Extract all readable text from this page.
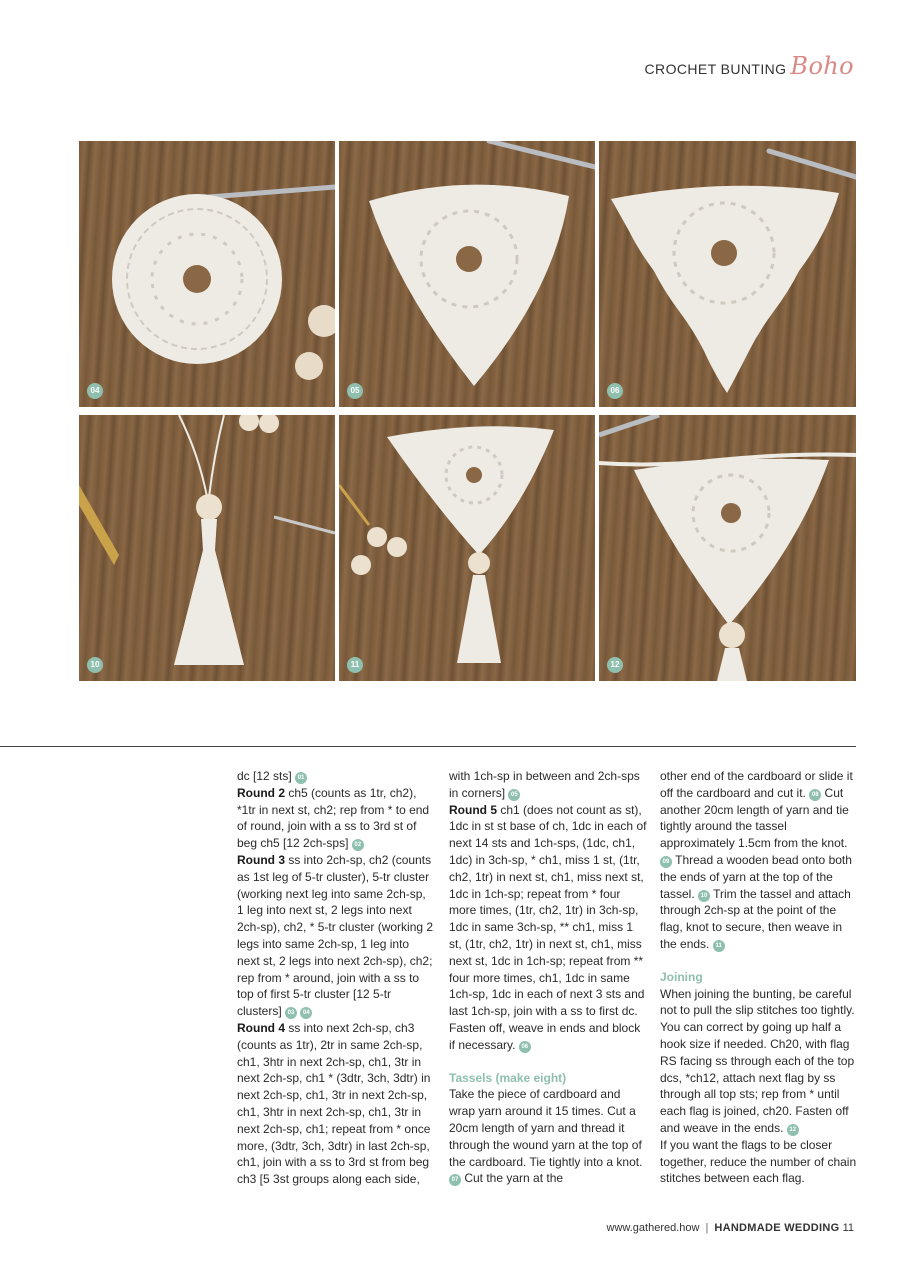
CROCHET BUNTING Boho
04	05	06
10	11	12

dc [12 sts] 01

Round 2 ch5 (counts as 1tr, ch2), *1tr in next st, ch2; rep from * to end of round, join with a ss to 3rd st of beg ch5 [12 2ch-sps] 02

Round 3 ss into 2ch-sp, ch2 (counts as 1st leg of 5-tr cluster), 5-tr cluster (working next leg into same 2ch-sp, 1 leg into next st, 2 legs into next 2ch-sp), ch2, * 5-tr cluster (working 2 legs into same 2ch-sp, 1 leg into next st, 2 legs into next 2ch-sp), ch2; rep from * around, join with a ss to top of first 5-tr cluster [12 5-tr clusters] 03 04

Round 4 ss into next 2ch-sp, ch3 (counts as 1tr), 2tr in same 2ch-sp, ch1, 3htr in next 2ch-sp, ch1, 3tr in next 2ch-sp, ch1 * (3dtr, 3ch, 3dtr) in next 2ch-sp, ch1, 3tr in next 2ch-sp, ch1, 3htr in next 2ch-sp, ch1, 3tr in next 2ch-sp, ch1; repeat from * once more, (3dtr, 3ch, 3dtr) in last 2ch-sp, ch1, join with a ss to 3rd st from beg ch3 [5 3st groups along each side,

with 1ch-sp in between and 2ch-sps in corners] 05

Round 5 ch1 (does not count as st), 1dc in st st base of ch, 1dc in each of next 14 sts and 1ch-sps, (1dc, ch1, 1dc) in 3ch-sp, * ch1, miss 1 st, (1tr, ch2, 1tr) in next st, ch1, miss next st, 1dc in 1ch-sp; repeat from * four more times, (1tr, ch2, 1tr) in 3ch-sp, 1dc in same 3ch-sp, ** ch1, miss 1 st, (1tr, ch2, 1tr) in next st, ch1, miss next st, 1dc in 1ch-sp; repeat from ** four more times, ch1, 1dc in same 1ch-sp, 1dc in each of next 3 sts and last 1ch-sp, join with a ss to first dc. Fasten off, weave in ends and block if necessary. 06

Tassels (make eight)

Take the piece of cardboard and wrap yarn around it 15 times. Cut a 20cm length of yarn and thread it through the wound yarn at the top of the cardboard. Tie tightly into a knot. 07 Cut the yarn at the

other end of the cardboard or slide it off the cardboard and cut it. 08 Cut another 20cm length of yarn and tie tightly around the tassel approximately 1.5cm from the knot. 09 Thread a wooden bead onto both the ends of yarn at the top of the tassel. 10 Trim the tassel and attach through 2ch-sp at the point of the flag, knot to secure, then weave in the ends. 11

Joining

When joining the bunting, be careful not to pull the slip stitches too tightly. You can correct by going up half a hook size if needed. Ch20, with flag RS facing ss through each of the top dcs, *ch12, attach next flag by ss through all top sts; rep from * until each flag is joined, ch20. Fasten off and weave in the ends. 12
If you want the flags to be closer together, reduce the number of chain stitches between each flag.

www.gathered.how | HANDMADE WEDDING 11
